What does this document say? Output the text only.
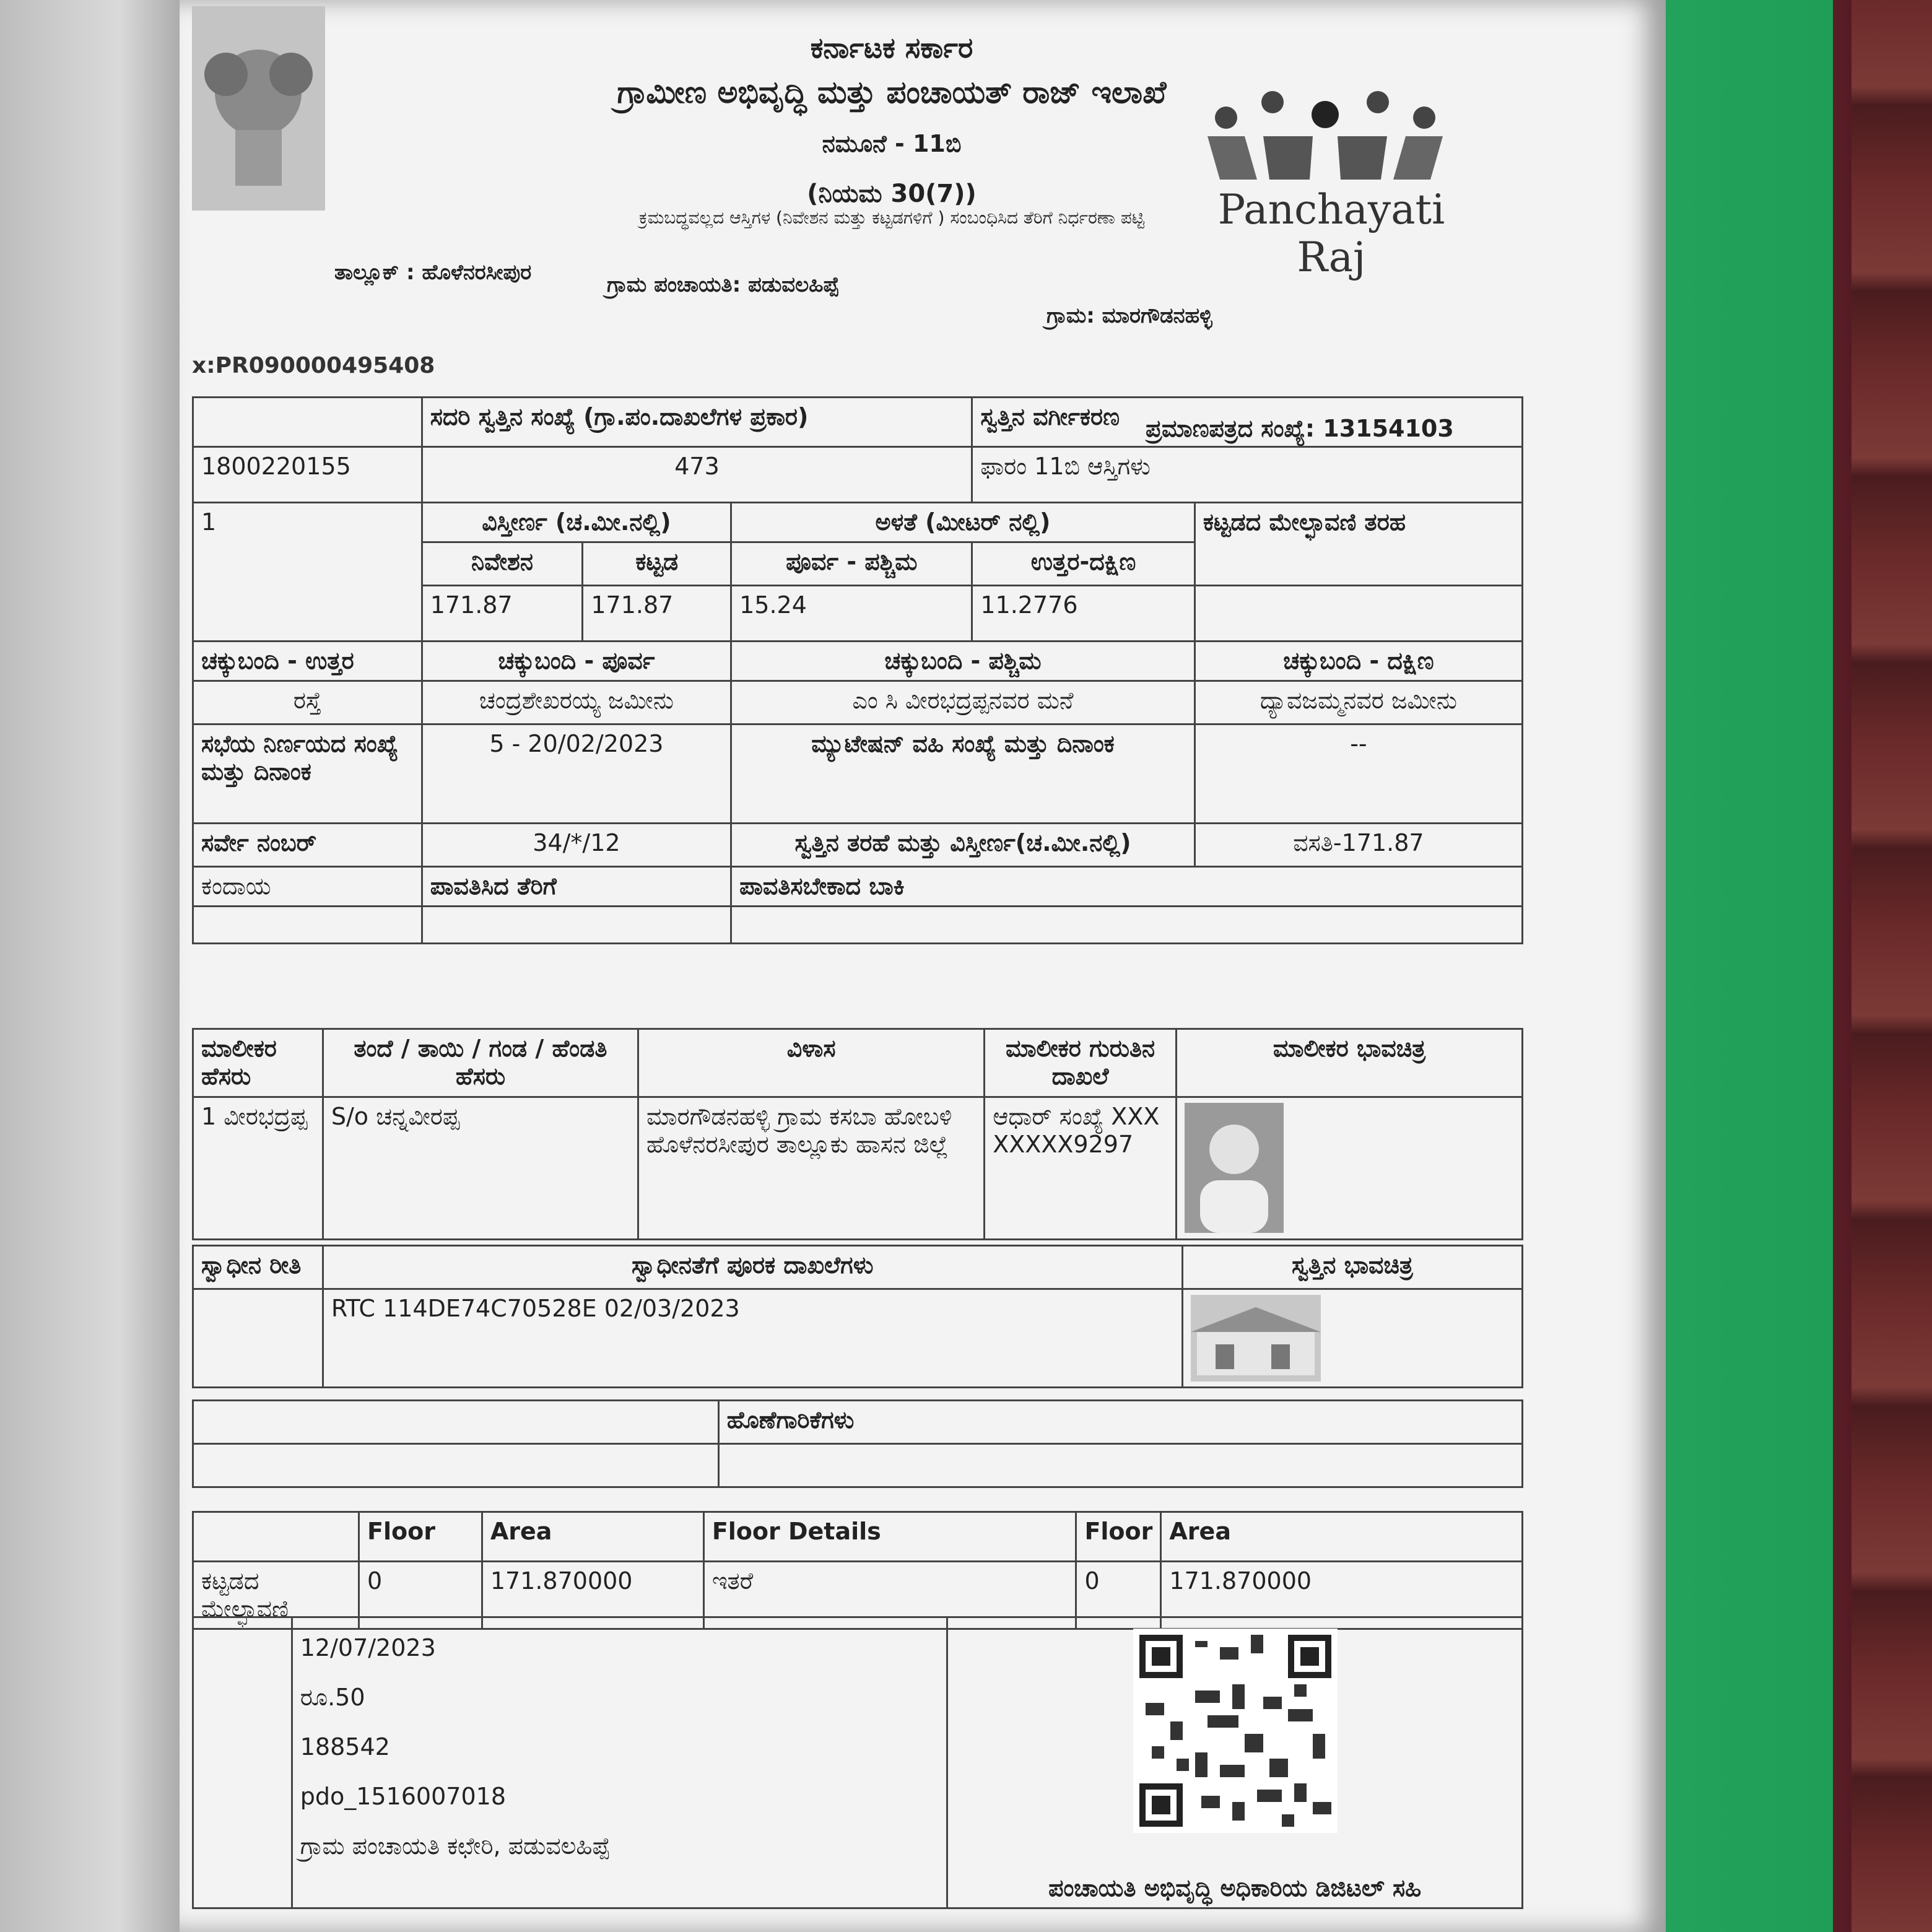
ಕರ್ನಾಟಕ ಸರ್ಕಾರ
ಗ್ರಾಮೀಣ ಅಭಿವೃದ್ಧಿ ಮತ್ತು ಪಂಚಾಯತ್ ರಾಜ್ ಇಲಾಖೆ
ನಮೂನೆ - 11ಬಿ
(ನಿಯಮ 30(7))
ಕ್ರಮಬದ್ಧವಲ್ಲದ ಆಸ್ತಿಗಳ (ನಿವೇಶನ ಮತ್ತು ಕಟ್ಟಡಗಳಿಗೆ ) ಸಂಬಂಧಿಸಿದ ತೆರಿಗೆ ನಿರ್ಧರಣಾ ಪಟ್ಟಿ
ತಾಲ್ಲೂಕ್ : ಹೊಳೆನರಸೀಪುರ	ಗ್ರಾಮ ಪಂಚಾಯತಿ: ಪಡುವಲಹಿಪ್ಪೆ
ಗ್ರಾಮ: ಮಾರಗೌಡನಹಳ್ಳಿ
Panchayati Raj
x:PR090000495408
ಪ್ರಮಾಣಪತ್ರದ ಸಂಖ್ಯೆ: 13154103
	ಸದರಿ ಸ್ವತ್ತಿನ ಸಂಖ್ಯೆ (ಗ್ರಾ.ಪಂ.ದಾಖಲೆಗಳ ಪ್ರಕಾರ)			ಸ್ವತ್ತಿನ ವರ್ಗೀಕರಣ	
1800220155	473			ಫಾರಂ 11ಬಿ ಆಸ್ತಿಗಳು	
1	ವಿಸ್ತೀರ್ಣ (ಚ.ಮೀ.ನಲ್ಲಿ)		ಅಳತೆ (ಮೀಟರ್ ನಲ್ಲಿ)		ಕಟ್ಟಡದ ಮೇಲ್ಛಾವಣಿ ತರಹ
	ನಿವೇಶನ	ಕಟ್ಟಡ	ಪೂರ್ವ - ಪಶ್ಚಿಮ	ಉತ್ತರ-ದಕ್ಷಿಣ	
	171.87	171.87	15.24	11.2776	
ಚಕ್ಕುಬಂದಿ - ಉತ್ತರ	ಚಕ್ಕುಬಂದಿ - ಪೂರ್ವ		ಚಕ್ಕುಬಂದಿ - ಪಶ್ಚಿಮ		ಚಕ್ಕುಬಂದಿ - ದಕ್ಷಿಣ
ರಸ್ತೆ	ಚಂದ್ರಶೇಖರಯ್ಯ ಜಮೀನು		ಎಂ ಸಿ ವೀರಭದ್ರಪ್ಪನವರ ಮನೆ		ದ್ಯಾವಜಮ್ಮನವರ ಜಮೀನು
ಸಭೆಯ ನಿರ್ಣಯದ ಸಂಖ್ಯೆ ಮತ್ತು ದಿನಾಂಕ	5 - 20/02/2023		ಮ್ಯುಟೇಷನ್ ವಹಿ ಸಂಖ್ಯೆ ಮತ್ತು ದಿನಾಂಕ		--
ಸರ್ವೇ ನಂಬರ್	34/*/12		ಸ್ವತ್ತಿನ ತರಹೆ ಮತ್ತು ವಿಸ್ತೀರ್ಣ(ಚ.ಮೀ.ನಲ್ಲಿ)		ವಸತಿ-171.87
ಕಂದಾಯ	ಪಾವತಿಸಿದ ತೆರಿಗೆ		ಪಾವತಿಸಬೇಕಾದ ಬಾಕಿ		

ಮಾಲೀಕರ ಹೆಸರು	ತಂದೆ / ತಾಯಿ / ಗಂಡ / ಹೆಂಡತಿ ಹೆಸರು	ವಿಳಾಸ	ಮಾಲೀಕರ ಗುರುತಿನ ದಾಖಲೆ	ಮಾಲೀಕರ ಭಾವಚಿತ್ರ
1 ವೀರಭದ್ರಪ್ಪ	S/o ಚನ್ನವೀರಪ್ಪ	ಮಾರಗೌಡನಹಳ್ಳಿ ಗ್ರಾಮ ಕಸಬಾ ಹೋಬಳಿ ಹೊಳೆನರಸೀಪುರ ತಾಲ್ಲೂಕು ಹಾಸನ ಜಿಲ್ಲೆ	ಆಧಾರ್ ಸಂಖ್ಯೆ XXXXXXXX9297	
ಸ್ವಾಧೀನ ರೀತಿ	ಸ್ವಾಧೀನತೆಗೆ ಪೂರಕ ದಾಖಲೆಗಳು	ಸ್ವತ್ತಿನ ಭಾವಚಿತ್ರ
	RTC 114DE74C70528E 02/03/2023	
	ಹೊಣೆಗಾರಿಕೆಗಳು

	Floor	Area	Floor Details	Floor	Area
ಕಟ್ಟಡದ ಮೇಲ್ಛಾವಣಿ	0	171.870000	ಇತರೆ	0	171.870000

12/07/2023
ರೂ.50
188542
pdo_1516007018
ಗ್ರಾಮ ಪಂಚಾಯತಿ ಕಛೇರಿ, ಪಡುವಲಹಿಪ್ಪೆ

ಪಂಚಾಯತಿ ಅಭಿವೃದ್ಧಿ ಅಧಿಕಾರಿಯ ಡಿಜಿಟಲ್ ಸಹಿ
